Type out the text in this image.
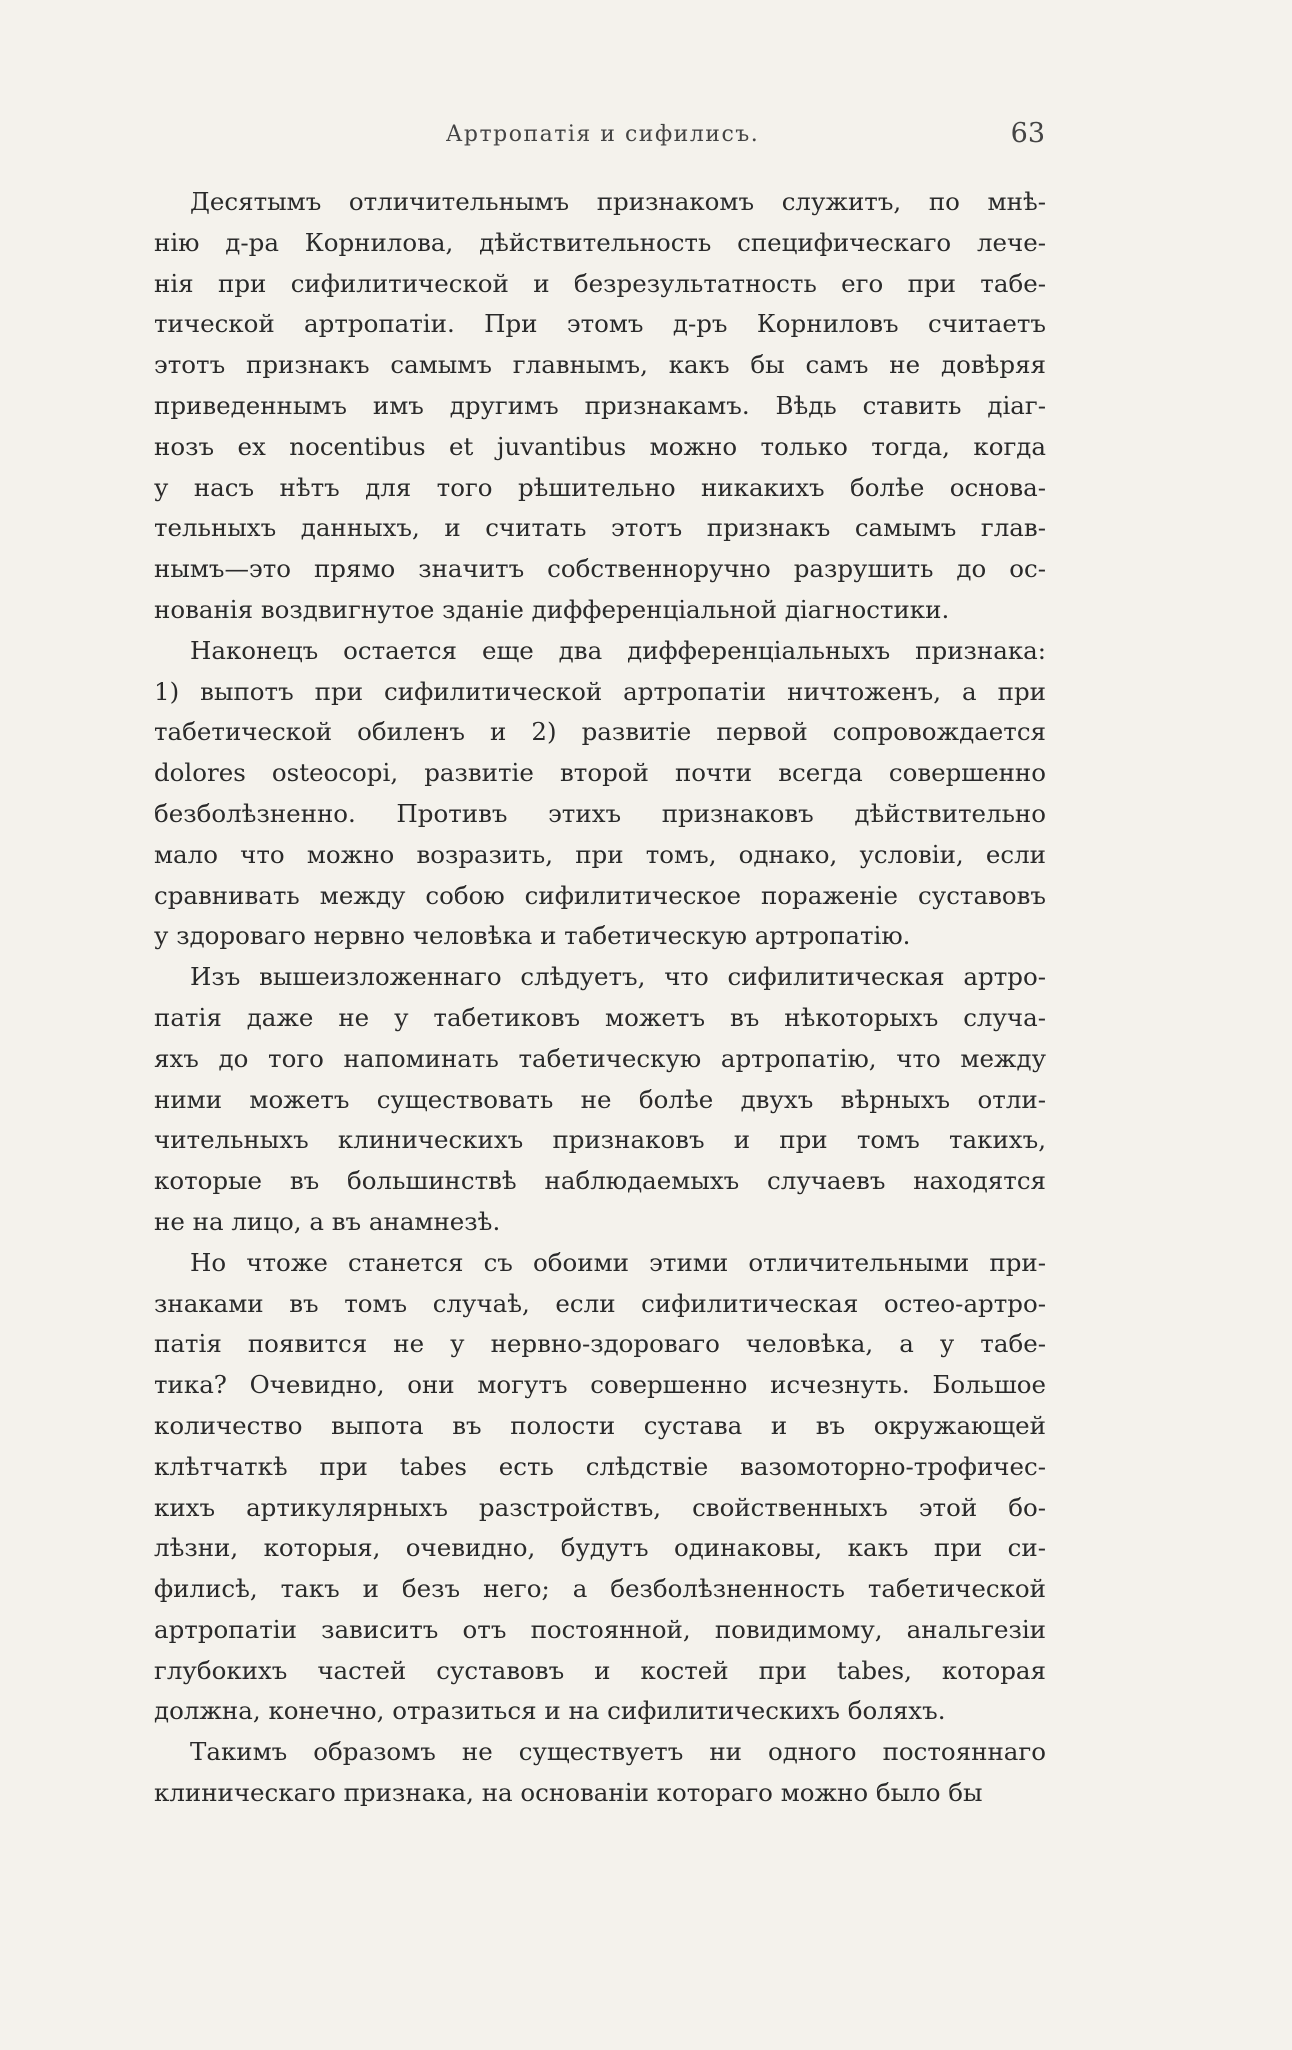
Артропатія и сифилисъ.	63
Десятымъ отличительнымъ признакомъ служитъ, по мнѣ-
нію д-ра Корнилова, дѣйствительность специфическаго лече-
нія при сифилитической и безрезультатность его при табе-
тической артропатіи. При этомъ д-ръ Корниловъ считаетъ
этотъ признакъ самымъ главнымъ, какъ бы самъ не довѣряя
приведеннымъ имъ другимъ признакамъ. Вѣдь ставить діаг-
нозъ ex nocentibus et juvantibus можно только тогда, когда
у насъ нѣтъ для того рѣшительно никакихъ болѣе основа-
тельныхъ данныхъ, и считать этотъ признакъ самымъ глав-
нымъ—это прямо значитъ собственноручно разрушить до ос-
нованія воздвигнутое зданіе дифференціальной діагностики.
Наконецъ остается еще два дифференціальныхъ признака:
1) выпотъ при сифилитической артропатіи ничтоженъ, а при
табетической обиленъ и 2) развитіе первой сопровождается
dolores osteocopi, развитіе второй почти всегда совершенно
безболѣзненно. Противъ этихъ признаковъ дѣйствительно
мало что можно возразить, при томъ, однако, условіи, если
сравнивать между собою сифилитическое пораженіе суставовъ
у здороваго нервно человѣка и табетическую артропатію.
Изъ вышеизложеннаго слѣдуетъ, что сифилитическая артро-
патія даже не у табетиковъ можетъ въ нѣкоторыхъ случа-
яхъ до того напоминать табетическую артропатію, что между
ними можетъ существовать не болѣе двухъ вѣрныхъ отли-
чительныхъ клиническихъ признаковъ и при томъ такихъ,
которые въ большинствѣ наблюдаемыхъ случаевъ находятся
не на лицо, а въ анамнезѣ.
Но чтоже станется съ обоими этими отличительными при-
знаками въ томъ случаѣ, если сифилитическая остео-артро-
патія появится не у нервно-здороваго человѣка, а у табе-
тика? Очевидно, они могутъ совершенно исчезнуть. Большое
количество выпота въ полости сустава и въ окружающей
клѣтчаткѣ при tabes есть слѣдствіе вазомоторно-трофичес-
кихъ артикулярныхъ разстройствъ, свойственныхъ этой бо-
лѣзни, которыя, очевидно, будутъ одинаковы, какъ при си-
филисѣ, такъ и безъ него; а безболѣзненность табетической
артропатіи зависитъ отъ постоянной, повидимому, анальгезіи
глубокихъ частей суставовъ и костей при tabes, которая
должна, конечно, отразиться и на сифилитическихъ боляхъ.
Такимъ образомъ не существуетъ ни одного постояннаго
клиническаго признака, на основаніи котораго можно было бы
